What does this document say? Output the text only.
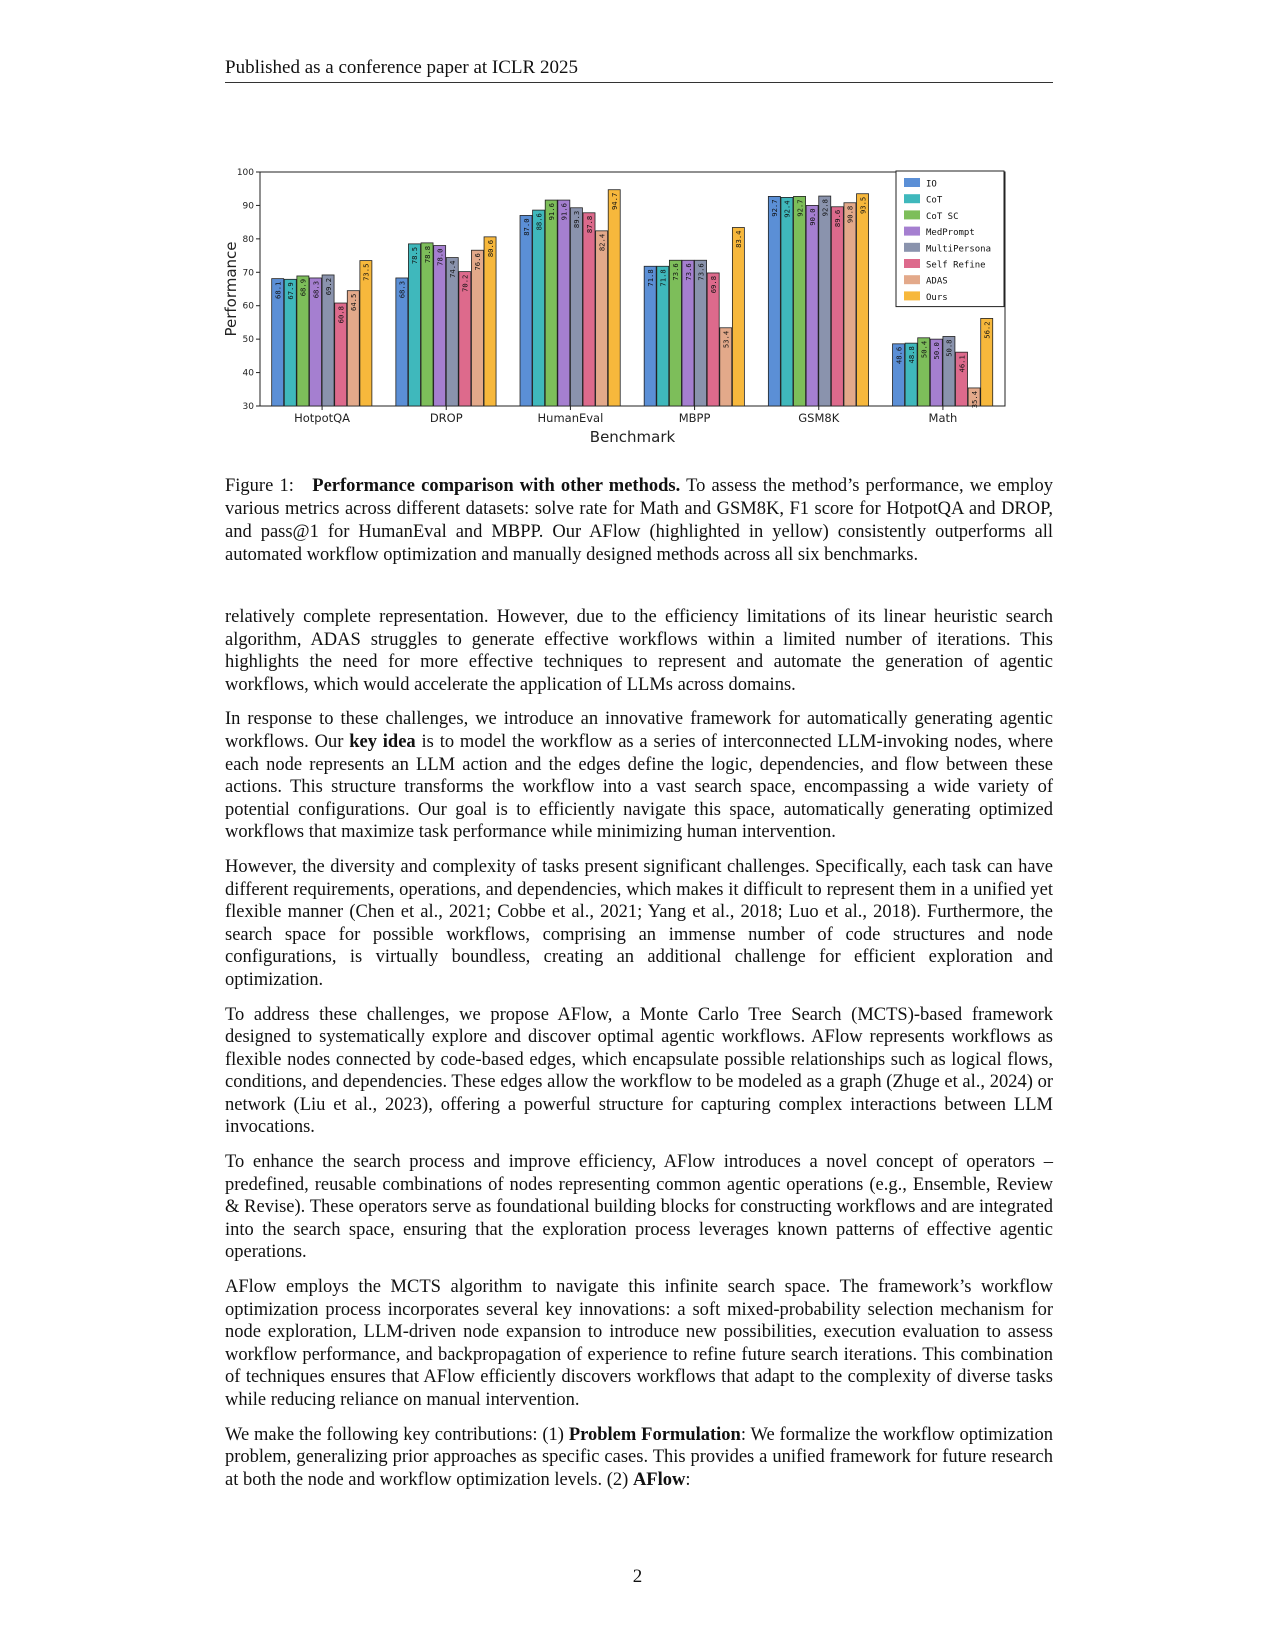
Published as a conference paper at ICLR 2025
30
40
50
60
70
80
90
100
Performance	68.1 67.9 68.9 68.3 69.2
60.8
64.5
73.5
HotpotQA
68.3
78.5 78.8 78.0
74.4
70.2
76.6
80.6
DROP
87.0 88.6
91.6 91.6 89.3 87.8
82.4
94.7
HumanEval
71.8 71.8 73.6 73.6 73.6
69.8
53.4
83.4
MBPP
92.7 92.4 92.7
90.0
92.8
89.6 90.8
93.5
GSM8K
48.6 48.8 50.4 50.0 50.8
46.1
35.4
56.2
Math
Benchmark
IO
CoT
CoT SC
MedPrompt
MultiPersona
Self Refine
ADAS
Ours
Figure 1: Performance comparison with other methods. To assess the method’s performance, we employ various metrics across different datasets: solve rate for Math and GSM8K, F1 score for HotpotQA and DROP, and pass@1 for HumanEval and MBPP. Our AFlow (highlighted in yellow) consistently outperforms all automated workflow optimization and manually designed methods across all six benchmarks.

relatively complete representation. However, due to the efficiency limitations of its linear heuristic search algorithm, ADAS struggles to generate effective workflows within a limited number of iterations. This highlights the need for more effective techniques to represent and automate the generation of agentic workflows, which would accelerate the application of LLMs across domains.

In response to these challenges, we introduce an innovative framework for automatically generating agentic workflows. Our key idea is to model the workflow as a series of interconnected LLM-invoking nodes, where each node represents an LLM action and the edges define the logic, dependencies, and flow between these actions. This structure transforms the workflow into a vast search space, encompassing a wide variety of potential configurations. Our goal is to efficiently navigate this space, automatically generating optimized workflows that maximize task performance while minimizing human intervention.

However, the diversity and complexity of tasks present significant challenges. Specifically, each task can have different requirements, operations, and dependencies, which makes it difficult to represent them in a unified yet flexible manner (Chen et al., 2021; Cobbe et al., 2021; Yang et al., 2018; Luo et al., 2018). Furthermore, the search space for possible workflows, comprising an immense number of code structures and node configurations, is virtually boundless, creating an additional challenge for efficient exploration and optimization.

To address these challenges, we propose AFlow, a Monte Carlo Tree Search (MCTS)-based framework designed to systematically explore and discover optimal agentic workflows. AFlow represents workflows as flexible nodes connected by code-based edges, which encapsulate possible relationships such as logical flows, conditions, and dependencies. These edges allow the workflow to be modeled as a graph (Zhuge et al., 2024) or network (Liu et al., 2023), offering a powerful structure for capturing complex interactions between LLM invocations.

To enhance the search process and improve efficiency, AFlow introduces a novel concept of operators – predefined, reusable combinations of nodes representing common agentic operations (e.g., Ensemble, Review & Revise). These operators serve as foundational building blocks for constructing workflows and are integrated into the search space, ensuring that the exploration process leverages known patterns of effective agentic operations.

AFlow employs the MCTS algorithm to navigate this infinite search space. The framework’s workflow optimization process incorporates several key innovations: a soft mixed-probability selection mechanism for node exploration, LLM-driven node expansion to introduce new possibilities, execution evaluation to assess workflow performance, and backpropagation of experience to refine future search iterations. This combination of techniques ensures that AFlow efficiently discovers workflows that adapt to the complexity of diverse tasks while reducing reliance on manual intervention.

We make the following key contributions: (1) Problem Formulation: We formalize the workflow optimization problem, generalizing prior approaches as specific cases. This provides a unified framework for future research at both the node and workflow optimization levels. (2) AFlow:

2
